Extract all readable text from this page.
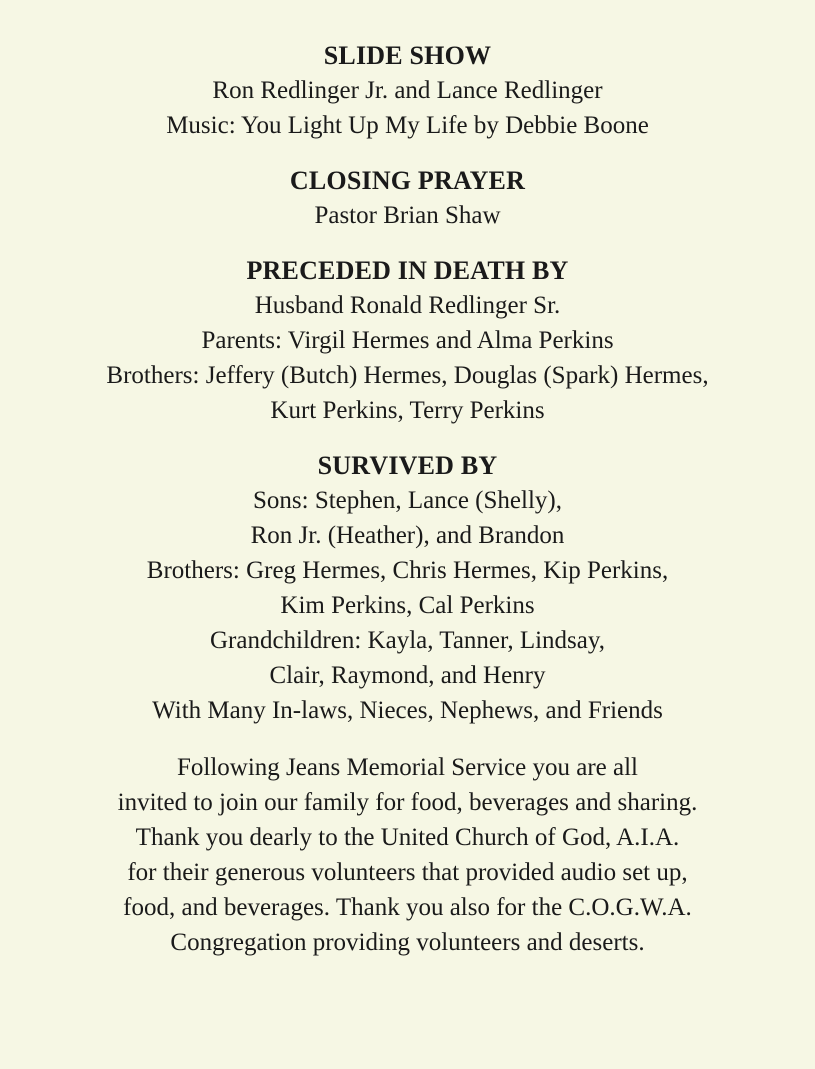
SLIDE SHOW
Ron Redlinger Jr. and Lance Redlinger
Music: You Light Up My Life by Debbie Boone
CLOSING PRAYER
Pastor Brian Shaw
PRECEDED IN DEATH BY
Husband Ronald Redlinger Sr.
Parents: Virgil Hermes and Alma Perkins
Brothers: Jeffery (Butch) Hermes, Douglas (Spark) Hermes,
Kurt Perkins, Terry Perkins
SURVIVED BY
Sons: Stephen, Lance (Shelly),
Ron Jr. (Heather), and Brandon
Brothers: Greg Hermes, Chris Hermes, Kip Perkins,
Kim Perkins, Cal Perkins
Grandchildren: Kayla, Tanner, Lindsay,
Clair, Raymond, and Henry
With Many In-laws, Nieces, Nephews, and Friends
Following Jeans Memorial Service you are all
invited to join our family for food, beverages and sharing.
Thank you dearly to the United Church of God, A.I.A.
for their generous volunteers that provided audio set up,
food, and beverages. Thank you also for the C.O.G.W.A.
Congregation providing volunteers and deserts.
